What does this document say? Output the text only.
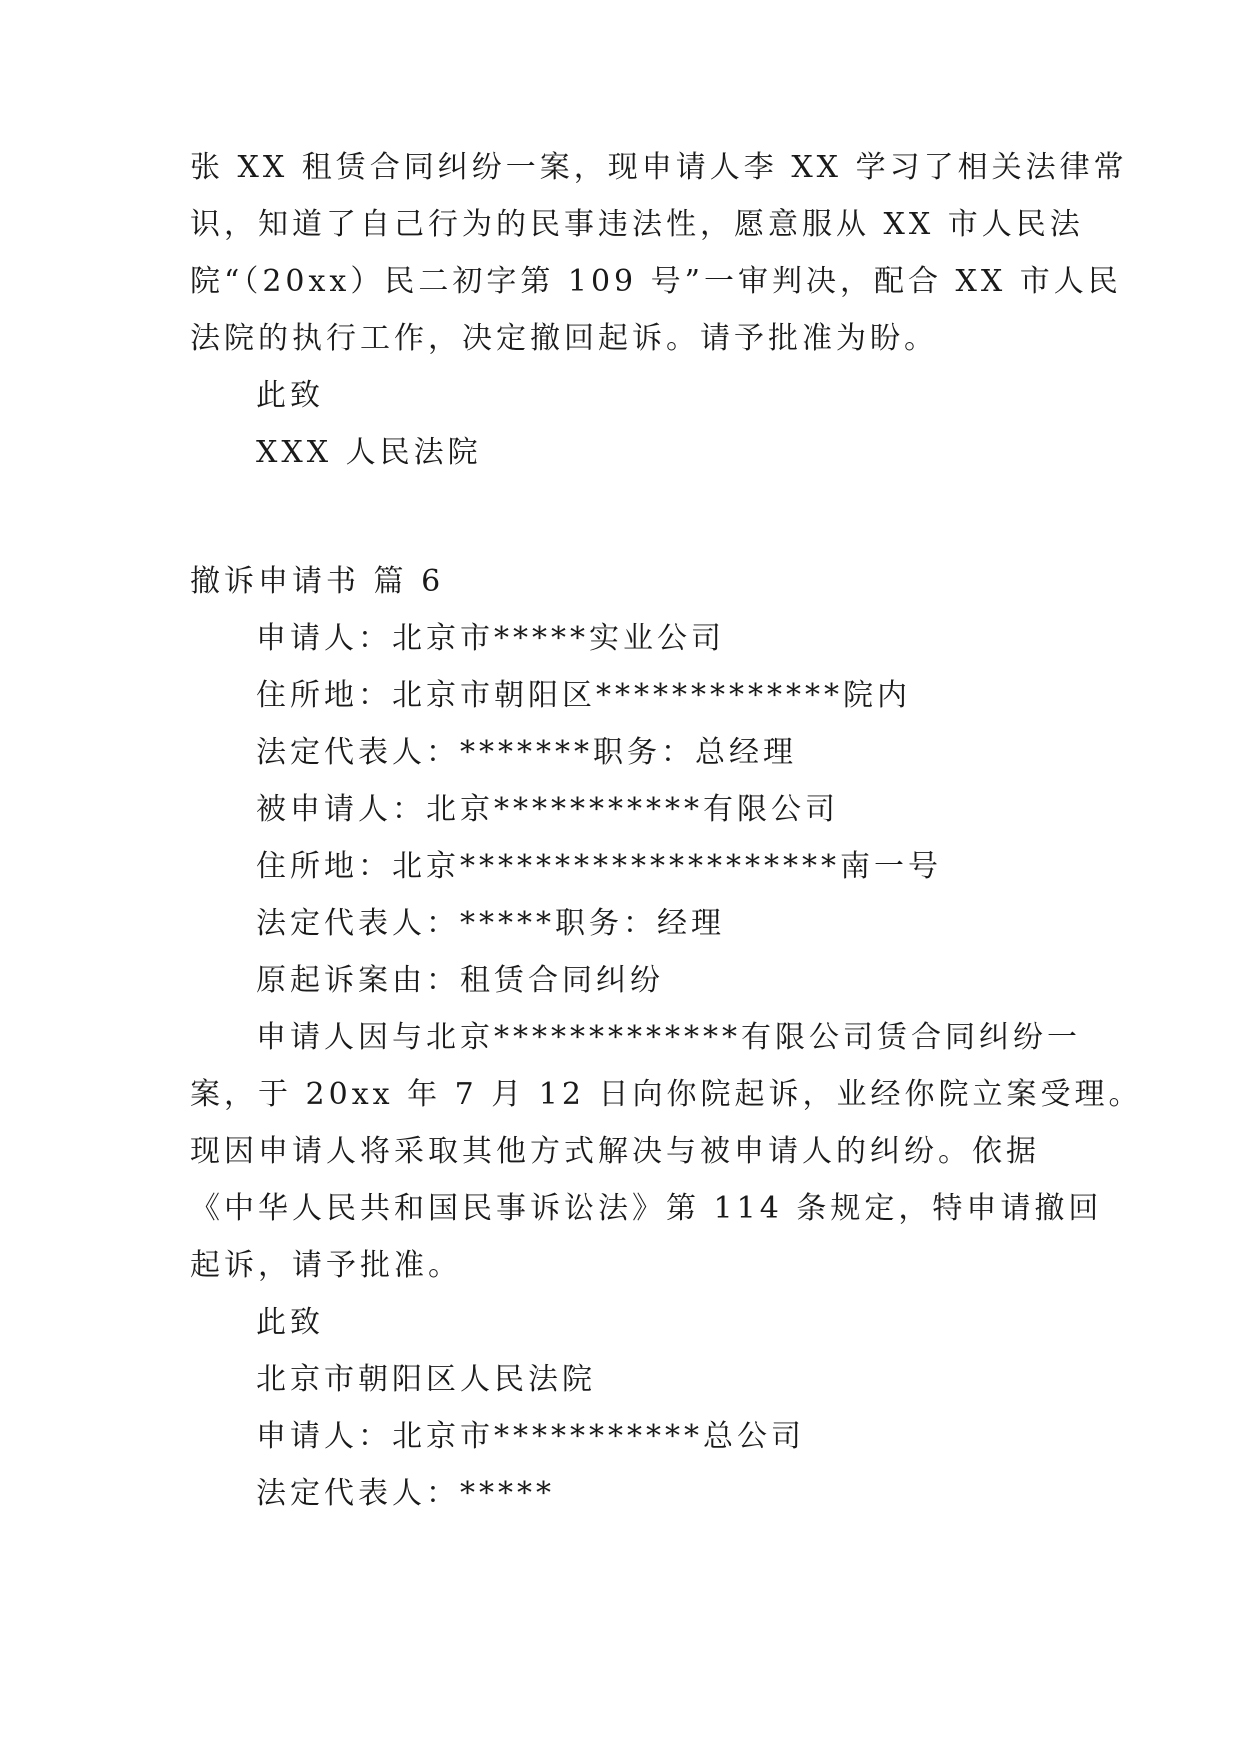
张 XX 租赁合同纠纷一案，现申请人李 XX 学习了相关法律常
识，知道了自己行为的民事违法性，愿意服从 XX 市人民法
院“（20xx）民二初字第 109 号”一审判决，配合 XX 市人民
法院的执行工作，决定撤回起诉。请予批准为盼。
此致
XXX 人民法院
撤诉申请书 篇 6
申请人：北京市*****实业公司
住所地：北京市朝阳区*************院内
法定代表人：*******职务：总经理
被申请人：北京***********有限公司
住所地：北京********************南一号
法定代表人：*****职务：经理
原起诉案由：租赁合同纠纷
申请人因与北京*************有限公司赁合同纠纷一
案，于 20xx 年 7 月 12 日向你院起诉，业经你院立案受理。
现因申请人将采取其他方式解决与被申请人的纠纷。依据
《中华人民共和国民事诉讼法》第 114 条规定，特申请撤回
起诉，请予批准。
此致
北京市朝阳区人民法院
申请人：北京市***********总公司
法定代表人：*****
